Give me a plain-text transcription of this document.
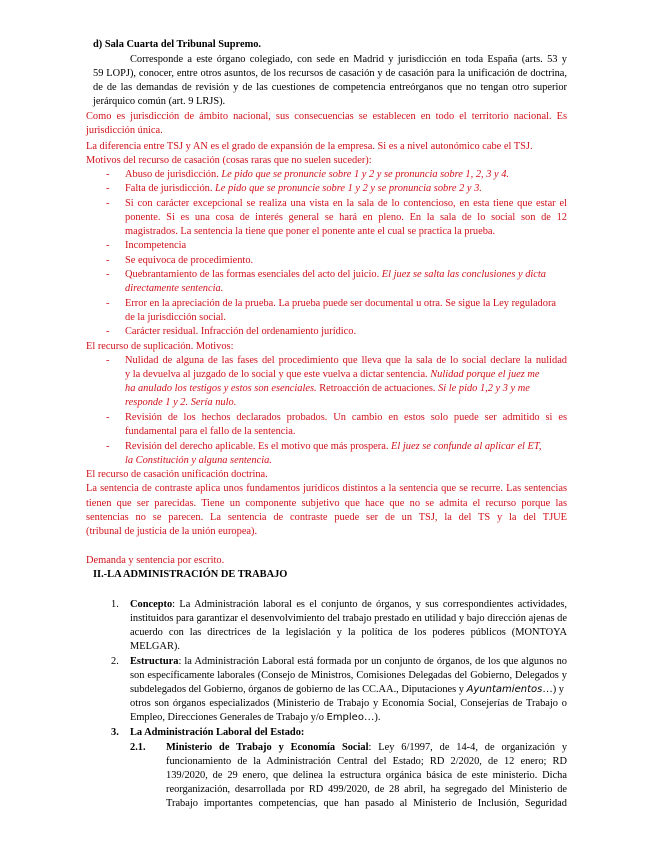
d) Sala Cuarta del Tribunal Supremo.
Corresponde a este órgano colegiado, con sede en Madrid y jurisdicción en toda España (arts. 53 y
59 LOPJ), conocer, entre otros asuntos, de los recursos de casación y de casación para la unificación de doctrina,
de de las demandas de revisión y de las cuestiones de competencia entreórganos que no tengan otro superior
jerárquico común (art. 9 LRJS).
Como es jurisdicción de ámbito nacional, sus consecuencias se establecen en todo el territorio nacional. Es
jurisdicción única.
La diferencia entre TSJ y AN es el grado de expansión de la empresa. Si es a nivel autonómico cabe el TSJ.
Motivos del recurso de casación (cosas raras que no suelen suceder):
- Abuso de jurisdicción. Le pido que se pronuncie sobre 1 y 2 y se pronuncia sobre 1, 2, 3 y 4.
- Falta de jurisdicción. Le pido que se pronuncie sobre 1 y 2 y se pronuncia sobre 2 y 3.
- Si con carácter excepcional se realiza una vista en la sala de lo contencioso, en esta tiene que estar el
ponente. Si es una cosa de interés general se hará en pleno. En la sala de lo social son de 12
magistrados. La sentencia la tiene que poner el ponente ante el cual se practica la prueba.
- Incompetencia
- Se equivoca de procedimiento.
- Quebrantamiento de las formas esenciales del acto del juicio. El juez se salta las conclusiones y dicta
directamente sentencia.
- Error en la apreciación de la prueba. La prueba puede ser documental u otra. Se sigue la Ley reguladora
de la jurisdicción social.
- Carácter residual. Infracción del ordenamiento jurídico.
El recurso de suplicación. Motivos:
- Nulidad de alguna de las fases del procedimiento que lleva que la sala de lo social declare la nulidad
y la devuelva al juzgado de lo social y que este vuelva a dictar sentencia. Nulidad porque el juez me
ha anulado los testigos y estos son esenciales. Retroacción de actuaciones. Si le pido 1,2 y 3 y me
responde 1 y 2. Sería nulo.
- Revisión de los hechos declarados probados. Un cambio en estos solo puede ser admitido si es
fundamental para el fallo de la sentencia.
- Revisión del derecho aplicable. Es el motivo que más prospera. El juez se confunde al aplicar el ET,
la Constitución y alguna sentencia.
El recurso de casación unificación doctrina.
La sentencia de contraste aplica unos fundamentos jurídicos distintos a la sentencia que se recurre. Las sentencias
tienen que ser parecidas. Tiene un componente subjetivo que hace que no se admita el recurso porque las
sentencias no se parecen. La sentencia de contraste puede ser de un TSJ, la del TS y la del TJUE
(tribunal de justicia de la unión europea).
Demanda y sentencia por escrito.
II.-LA ADMINISTRACIÓN DE TRABAJO
1. Concepto: La Administración laboral es el conjunto de órganos, y sus correspondientes actividades,
instituidos para garantizar el desenvolvimiento del trabajo prestado en utilidad y bajo dirección ajenas de
acuerdo con las directrices de la legislación y la política de los poderes públicos (MONTOYA
MELGAR).
2. Estructura: la Administración Laboral está formada por un conjunto de órganos, de los que algunos no
son específicamente laborales (Consejo de Ministros, Comisiones Delegadas del Gobierno, Delegados y
subdelegados del Gobierno, órganos de gobierno de las CC.AA., Diputaciones y Ayuntamientos…) y
otros son órganos especializados (Ministerio de Trabajo y Economía Social, Consejerías de Trabajo o
Empleo, Direcciones Generales de Trabajo y/o Empleo…).
3. La Administración Laboral del Estado:
2.1. Ministerio de Trabajo y Economía Social: Ley 6/1997, de 14-4, de organización y
funcionamiento de la Administración Central del Estado; RD 2/2020, de 12 enero; RD
139/2020, de 29 enero, que delinea la estructura orgánica básica de este ministerio. Dicha
reorganización, desarrollada por RD 499/2020, de 28 abril, ha segregado del Ministerio de
Trabajo importantes competencias, que han pasado al Ministerio de Inclusión, Seguridad
